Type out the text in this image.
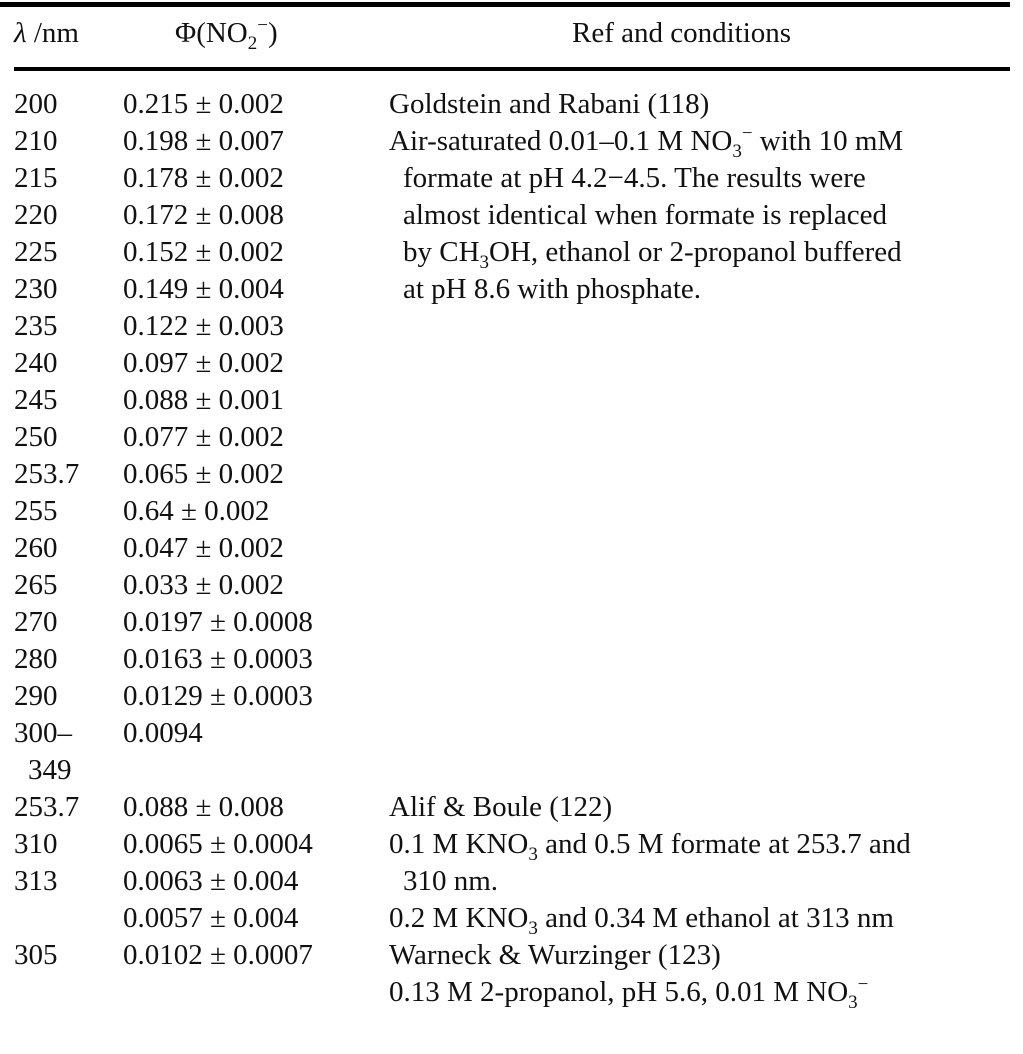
λ /nm	$\Phi(NO_2^-)$	Ref and conditions
200 0.215 ± 0.002	Goldstein and Rabani (118)
210 0.198 ± 0.007	Air-saturated 0.01–0.1 M $NO_3^-$ with 10 mM
215 0.178 ± 0.002	formate at pH 4.2−4.5. The results were
220 0.172 ± 0.008	almost identical when formate is replaced
225 0.152 ± 0.002	by $CH_3OH$, ethanol or 2-propanol buffered
230 0.149 ± 0.004	at pH 8.6 with phosphate.
235 0.122 ± 0.003
240 0.097 ± 0.002
245 0.088 ± 0.001
250 0.077 ± 0.002
253.7 0.065 ± 0.002
255 0.64 ± 0.002
260 0.047 ± 0.002
265 0.033 ± 0.002
270 0.0197 ± 0.0008
280 0.0163 ± 0.0003
290 0.0129 ± 0.0003
300– 0.0094
349
253.7 0.088 ± 0.008	Alif & Boule (122)
310 0.0065 ± 0.0004	0.1 M $KNO_3$ and 0.5 M formate at 253.7 and
313 0.0063 ± 0.004	310 nm.
0.0057 ± 0.004	0.2 M $KNO_3$ and 0.34 M ethanol at 313 nm
305 0.0102 ± 0.0007	Warneck & Wurzinger (123)
0.13 M 2-propanol, pH 5.6, 0.01 M $NO_3^-$
